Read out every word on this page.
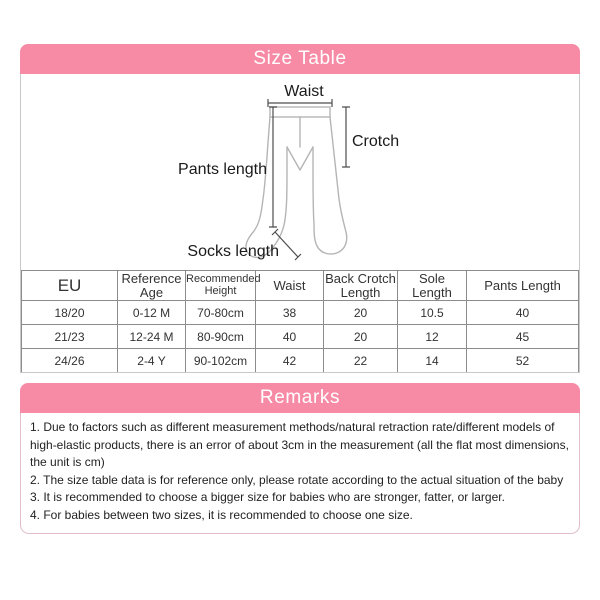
Size Table
Waist
Crotch
Pants length
Socks length
EU	Reference Age	Recommended Height	Waist	Back Crotch Length	Sole Length	Pants Length
18/20	0-12 M	70-80cm	38	20	10.5	40
21/23	12-24 M	80-90cm	40	20	12	45
24/26	2-4 Y	90-102cm	42	22	14	52
Remarks

1. Due to factors such as different measurement methods/natural retraction rate/different models of high-elastic products, there is an error of about 3cm in the measurement (all the flat most dimensions, the unit is cm)

2. The size table data is for reference only, please rotate according to the actual situation of the baby

3. It is recommended to choose a bigger size for babies who are stronger, fatter, or larger.

4. For babies between two sizes, it is recommended to choose one size.
